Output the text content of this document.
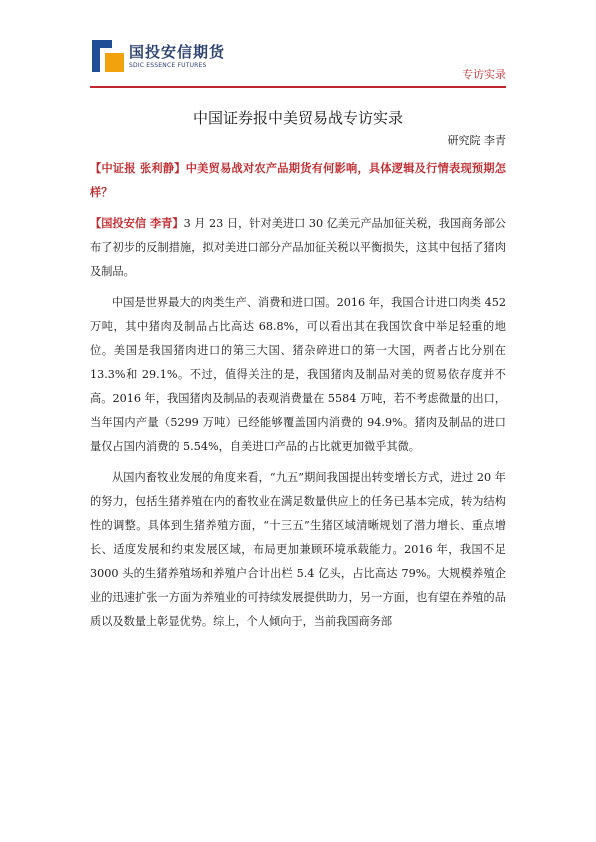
国投安信期货
SDIC ESSENCE FUTURES
专访实录
中国证券报中美贸易战专访实录
研究院 李青

【中证报 张利静】中美贸易战对农产品期货有何影响，具体逻辑及行情表现预期怎样？

【国投安信 李青】3 月 23 日，针对美进口 30 亿美元产品加征关税，我国商务部公布了初步的反制措施，拟对美进口部分产品加征关税以平衡损失，这其中包括了猪肉及制品。

中国是世界最大的肉类生产、消费和进口国。2016 年，我国合计进口肉类 452 万吨，其中猪肉及制品占比高达 68.8%，可以看出其在我国饮食中举足轻重的地位。美国是我国猪肉进口的第三大国、猪杂碎进口的第一大国，两者占比分别在 13.3%和 29.1%。不过，值得关注的是，我国猪肉及制品对美的贸易依存度并不高。2016 年，我国猪肉及制品的表观消费量在 5584 万吨，若不考虑微量的出口，当年国内产量（5299 万吨）已经能够覆盖国内消费的 94.9%。猪肉及制品的进口量仅占国内消费的 5.54%，自美进口产品的占比就更加微乎其微。

从国内畜牧业发展的角度来看，“九五”期间我国提出转变增长方式，进过 20 年的努力，包括生猪养殖在内的畜牧业在满足数量供应上的任务已基本完成，转为结构性的调整。具体到生猪养殖方面，“十三五”生猪区域清晰规划了潜力增长、重点增长、适度发展和约束发展区域，布局更加兼顾环境承载能力。2016 年，我国不足 3000 头的生猪养殖场和养殖户合计出栏 5.4 亿头，占比高达 79%。大规模养殖企业的迅速扩张一方面为养殖业的可持续发展提供助力，另一方面，也有望在养殖的品质以及数量上彰显优势。综上，个人倾向于，当前我国商务部
